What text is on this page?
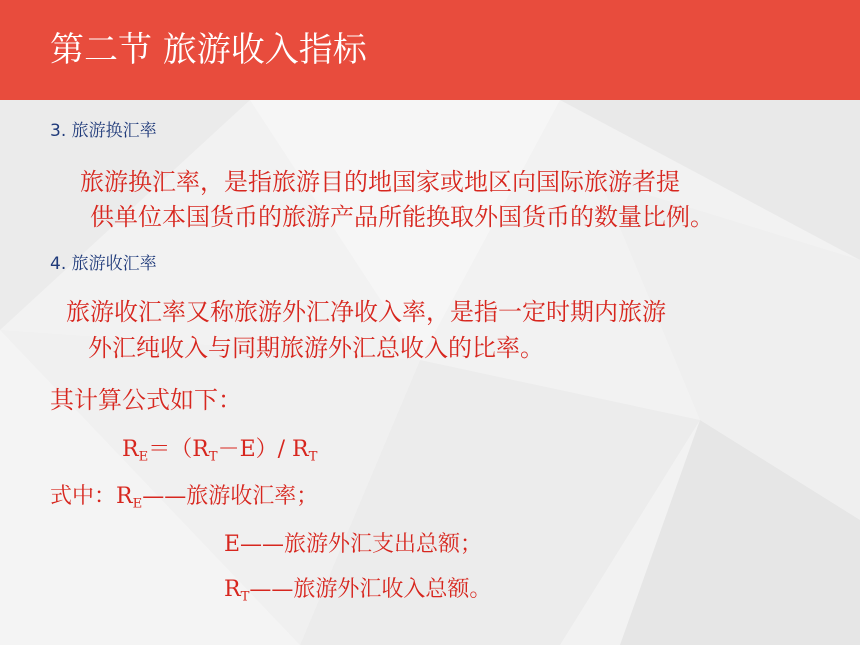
第二节 旅游收入指标
3. 旅游换汇率
旅游换汇率，是指旅游目的地国家或地区向国际旅游者提
供单位本国货币的旅游产品所能换取外国货币的数量比例。
4. 旅游收汇率
旅游收汇率又称旅游外汇净收入率，是指一定时期内旅游
外汇纯收入与同期旅游外汇总收入的比率。
其计算公式如下：
$R_E=(R_T-E)/$ $R_T$
式中：$R_E——$旅游收汇率；
E——旅游外汇支出总额；
$R_T——$旅游外汇收入总额。
